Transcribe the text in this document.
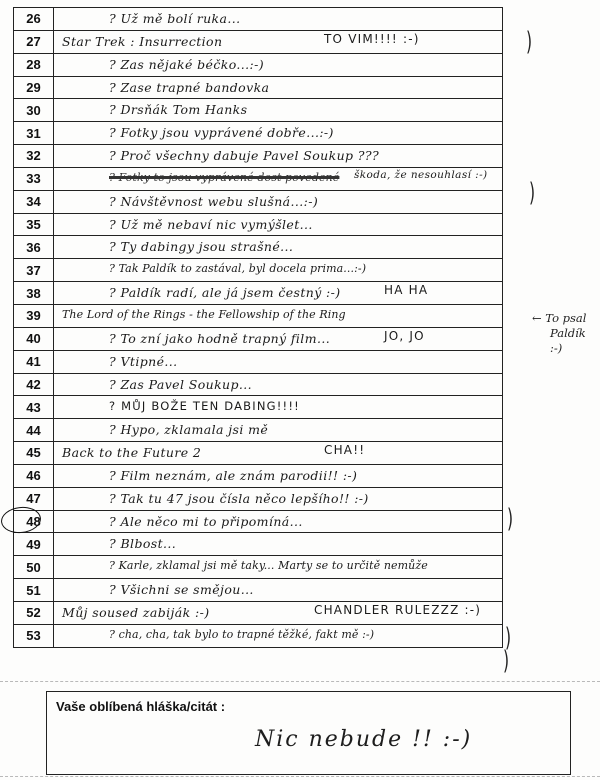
26	? Už mě bolí ruka...

27	Star Trek : Insurrection TO VIM!!!! :-)

28	? Zas nějaké béčko...:-)

29	? Zase trapné bandovka

30	? Drsňák Tom Hanks

31	? Fotky jsou vyprávené dobře...:-)

32	? Proč všechny dabuje Pavel Soukup ???

33	? Fotky to jsou vyprávené dost povedené škoda, že nesouhlasí :-)

34	? Návštěvnost webu slušná...:-)

35	? Už mě nebaví nic vymýšlet...

36	? Ty dabingy jsou strašné...

37	? Tak Paldík to zastával, byl docela prima...:-)

38	? Paldík radí, ale já jsem čestný :-) HA HA

39	The Lord of the Rings - the Fellowship of the Ring

40	? To zní jako hodně trapný film... JO, JO

41	? Vtipné...

42	? Zas Pavel Soukup...

43	? MŮJ BOŽE TEN DABING!!!!

44	? Hypo, zklamala jsi mě

45	Back to the Future 2 CHA!!

46	? Film neznám, ale znám parodii!! :-)

47	? Tak tu 47 jsou čísla něco lepšího!! :-)

48	? Ale něco mi to připomíná...

49	? Blbost...

50	? Karle, zklamal jsi mě taky... Marty se to určitě nemůže

51	? Všichni se smějou...

52	Můj soused zabiják :-) CHANDLER RULEZZZ :-)

53	? cha, cha, tak bylo to trapné těžké, fakt mě :-)
)
)
)
)
)
← To psal
Paldík :-)
Vaše oblíbená hláška/citát :
Nic nebude !! :-)
